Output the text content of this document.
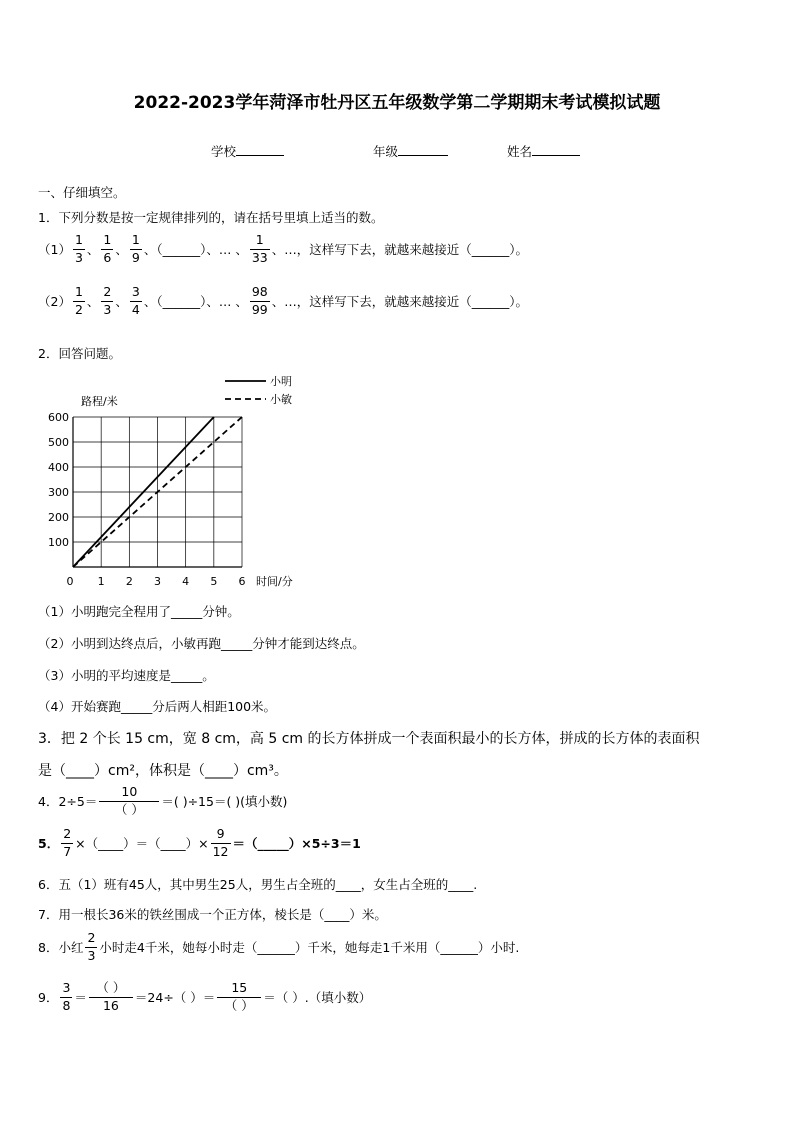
2022-2023学年菏泽市牡丹区五年级数学第二学期期末考试模拟试题
学校	年级	姓名
一、仔细填空。
1．下列分数是按一定规律排列的，请在括号里填上适当的数。
$(1) \frac{1}{3}$ 、 $\frac{1}{6}$ 、 $\frac{1}{9}$ 、（______）、… 、 $\frac{1}{33}$ 、…，这样写下去，就越来越接近（______）。
$(2) \frac{1}{2}$ 、 $\frac{2}{3}$ 、 $\frac{3}{4}$ 、（______）、… 、 $\frac{98}{99}$ 、…，这样写下去，就越来越接近（______）。
2．回答问题。
1 2 3 4 5 6
100
200
300
400
500
600
小明
小敏
路程/米
时间/分
0
（1）小明跑完全程用了_____分钟。
（2）小明到达终点后，小敏再跑_____分钟才能到达终点。
（3）小明的平均速度是_____。
（4）开始赛跑_____分后两人相距100米。
3．把 2 个长 15 cm，宽 8 cm，高 5 cm 的长方体拼成一个表面积最小的长方体，拼成的长方体的表面积
是（____）cm²，体积是（____）cm³。
4．$2\div 5= \frac{10}{( )}$ ＝( )÷15＝( )(填小数)
5． $\frac{2}{7}$ ×（____）＝（____）× $\frac{9}{12}$ ＝（_____）×5÷3＝1
6．五（1）班有45人，其中男生25人，男生占全班的____，女生占全班的____.
7．用一根长36米的铁丝围成一个正方体，棱长是（____）米。
8．小红 $\frac{2}{3}$ 小时走4千米，她每小时走（______）千米，她每走1千米用（______）小时.
9． $\frac{3}{8} = \frac{( )}{16} =24\div$（ ）＝ $\frac{15}{( )}$ ＝（ ）.（填小数）
